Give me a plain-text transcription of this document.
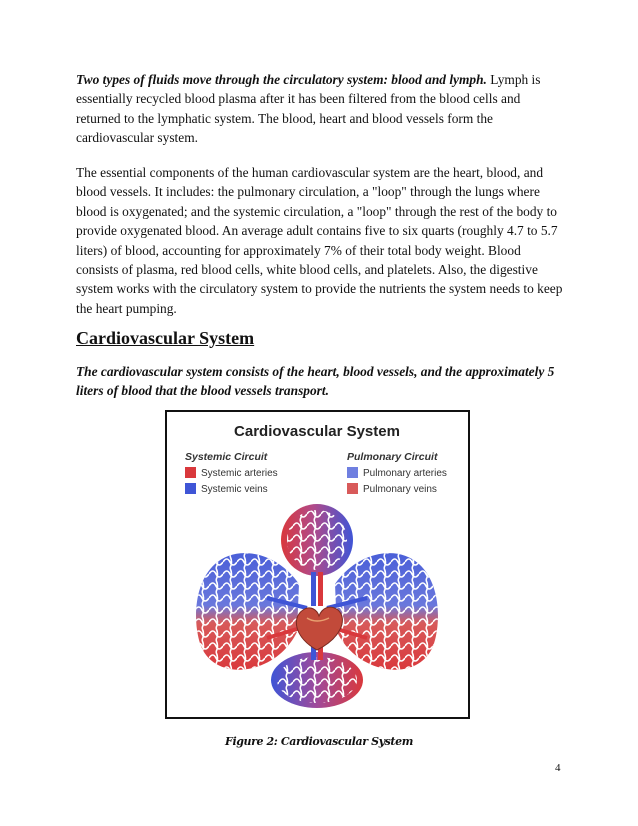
Two types of fluids move through the circulatory system: blood and lymph. Lymph is essentially recycled blood plasma after it has been filtered from the blood cells and returned to the lymphatic system. The blood, heart and blood vessels form the cardiovascular system.

The essential components of the human cardiovascular system are the heart, blood, and blood vessels. It includes: the pulmonary circulation, a "loop" through the lungs where blood is oxygenated; and the systemic circulation, a "loop" through the rest of the body to provide oxygenated blood. An average adult contains five to six quarts (roughly 4.7 to 5.7 liters) of blood, accounting for approximately 7% of their total body weight. Blood consists of plasma, red blood cells, white blood cells, and platelets. Also, the digestive system works with the circulatory system to provide the nutrients the system needs to keep the heart pumping.

Cardiovascular System

The cardiovascular system consists of the heart, blood vessels, and the approximately 5 liters of blood that the blood vessels transport.

Cardiovascular System
Systemic Circuit
Systemic arteries
Systemic veins
Pulmonary Circuit
Pulmonary arteries
Pulmonary veins
Figure 2: Cardiovascular System
4
